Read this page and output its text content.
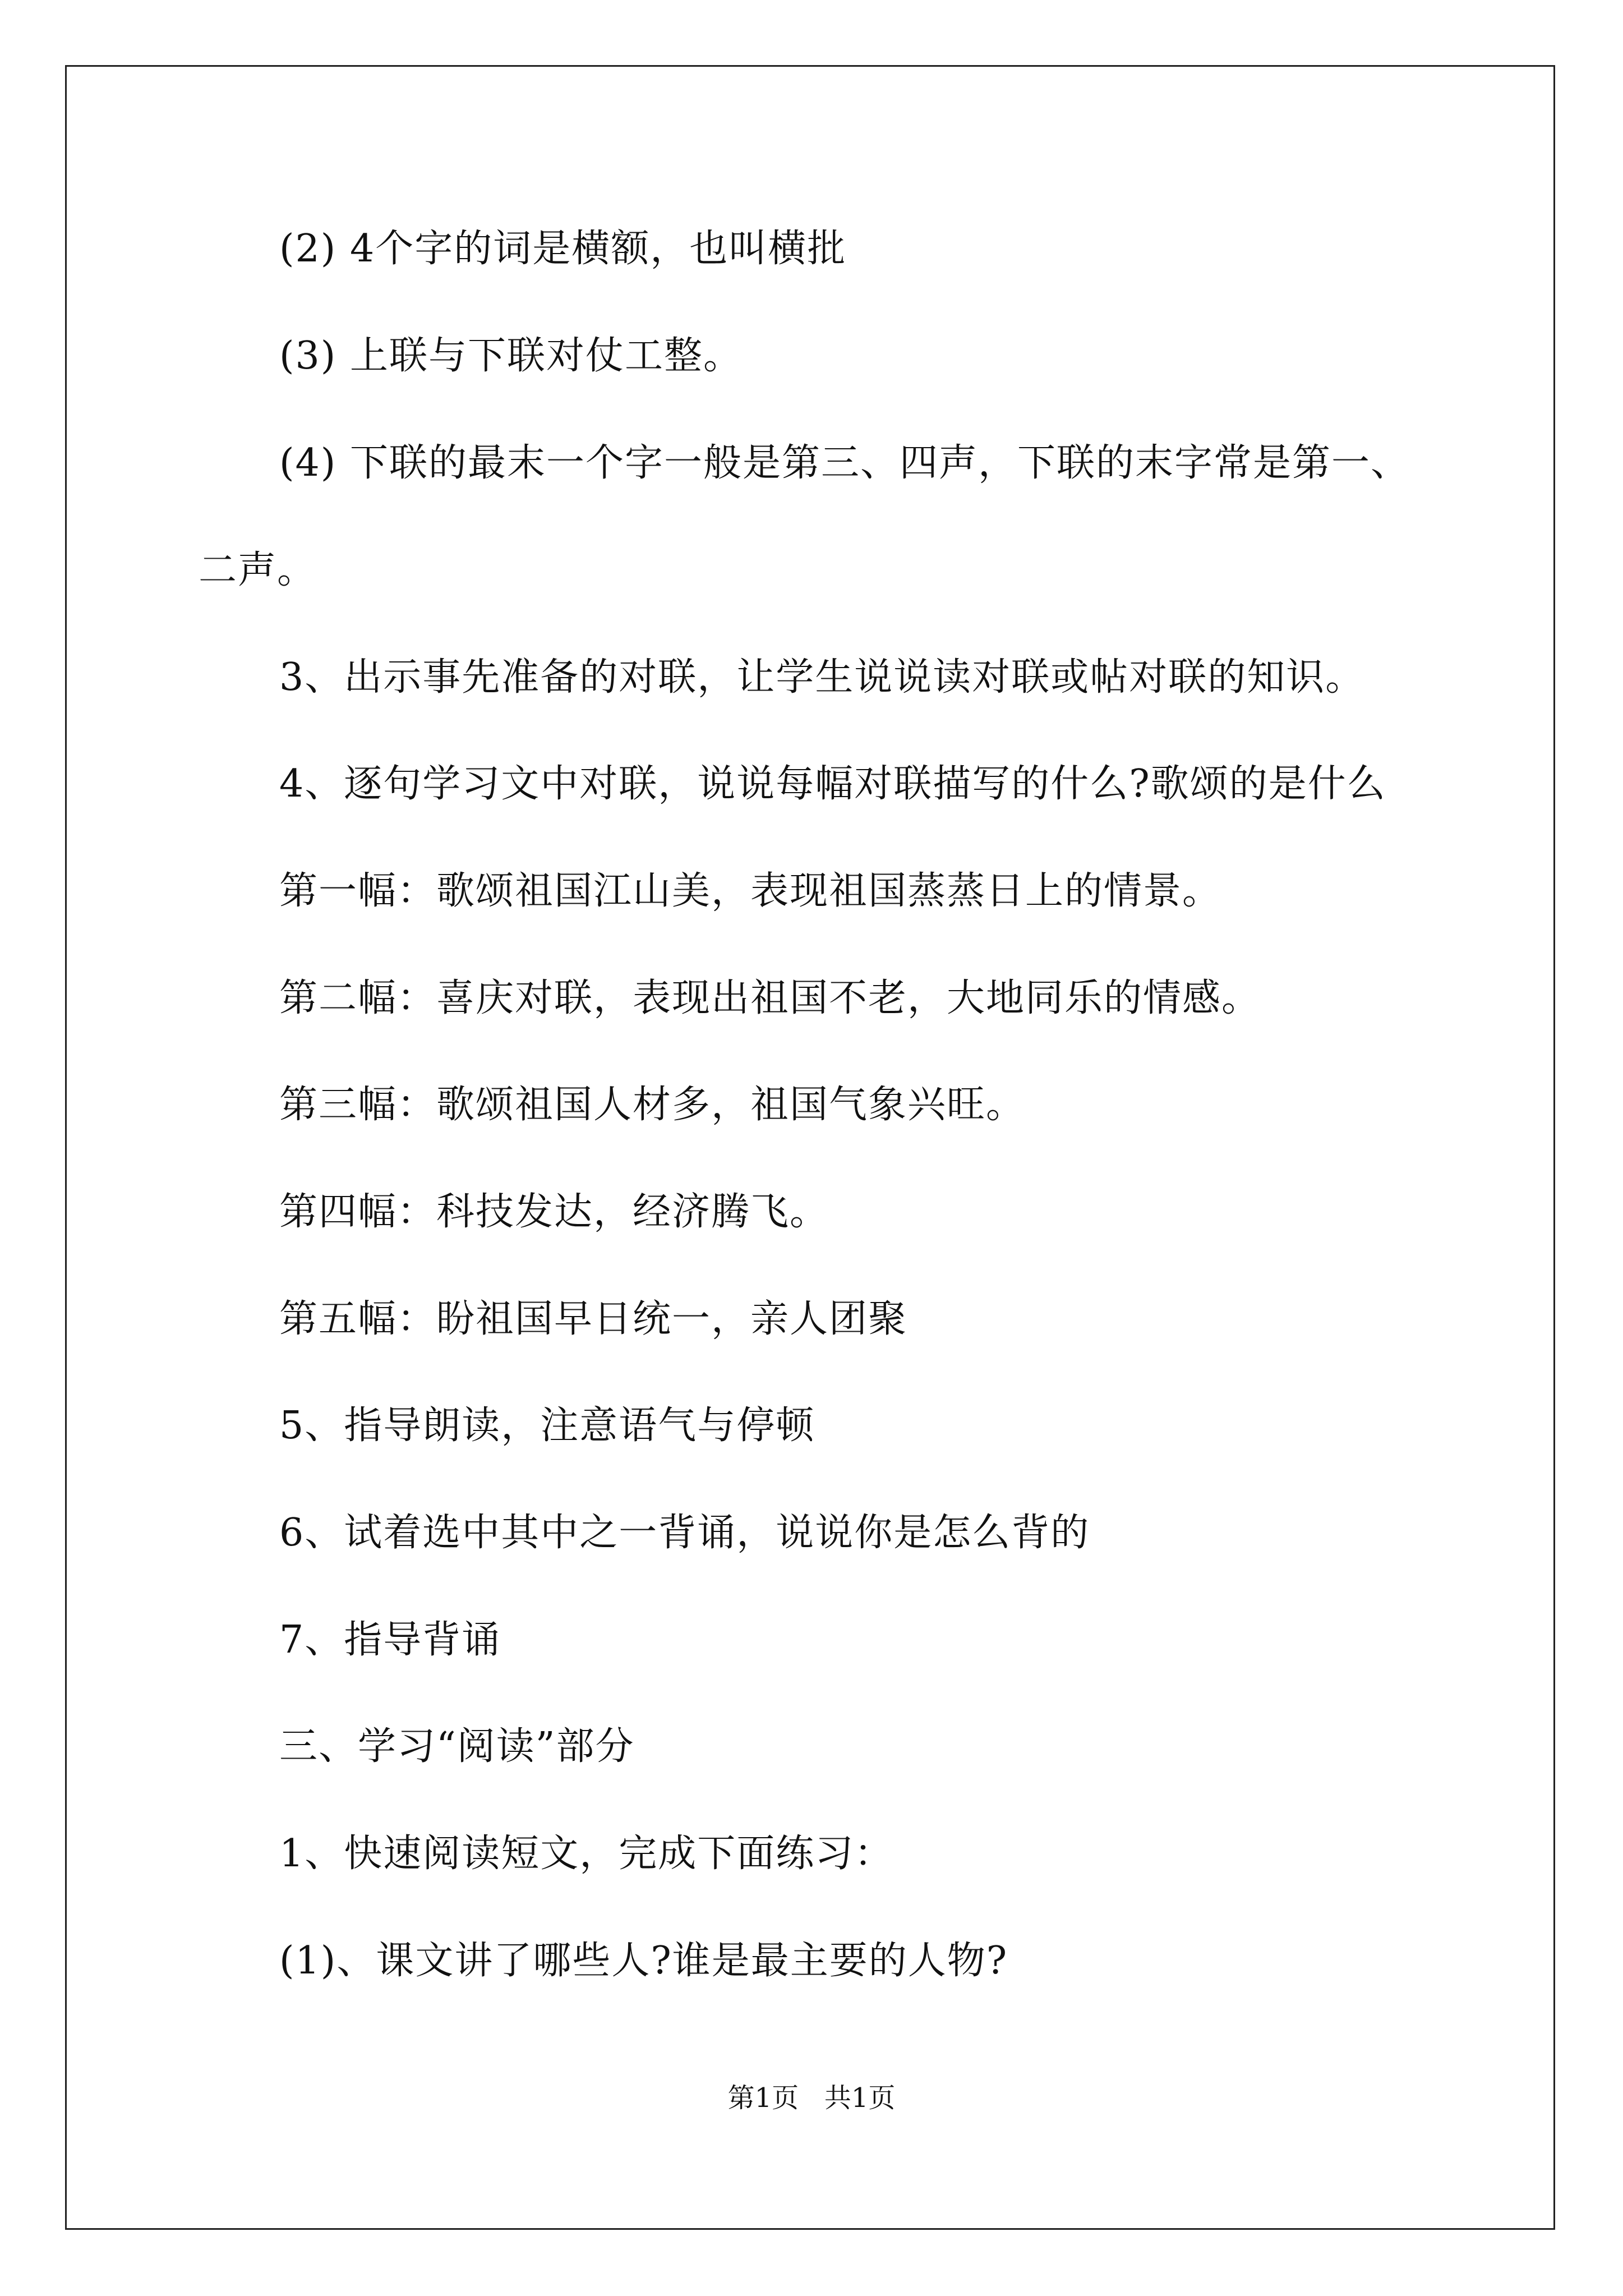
(2) 4个字的词是横额，也叫横批
(3) 上联与下联对仗工整。
(4) 下联的最末一个字一般是第三、四声，下联的末字常是第一、
二声。
3、出示事先准备的对联，让学生说说读对联或帖对联的知识。
4、逐句学习文中对联，说说每幅对联描写的什么?歌颂的是什么
第一幅：歌颂祖国江山美，表现祖国蒸蒸日上的情景。
第二幅：喜庆对联，表现出祖国不老，大地同乐的情感。
第三幅：歌颂祖国人材多，祖国气象兴旺。
第四幅：科技发达，经济腾飞。
第五幅：盼祖国早日统一，亲人团聚
5、指导朗读，注意语气与停顿
6、试着选中其中之一背诵，说说你是怎么背的
7、指导背诵
三、学习“阅读”部分
1、快速阅读短文，完成下面练习：
(1)、课文讲了哪些人?谁是最主要的人物?
第1页   共1页
